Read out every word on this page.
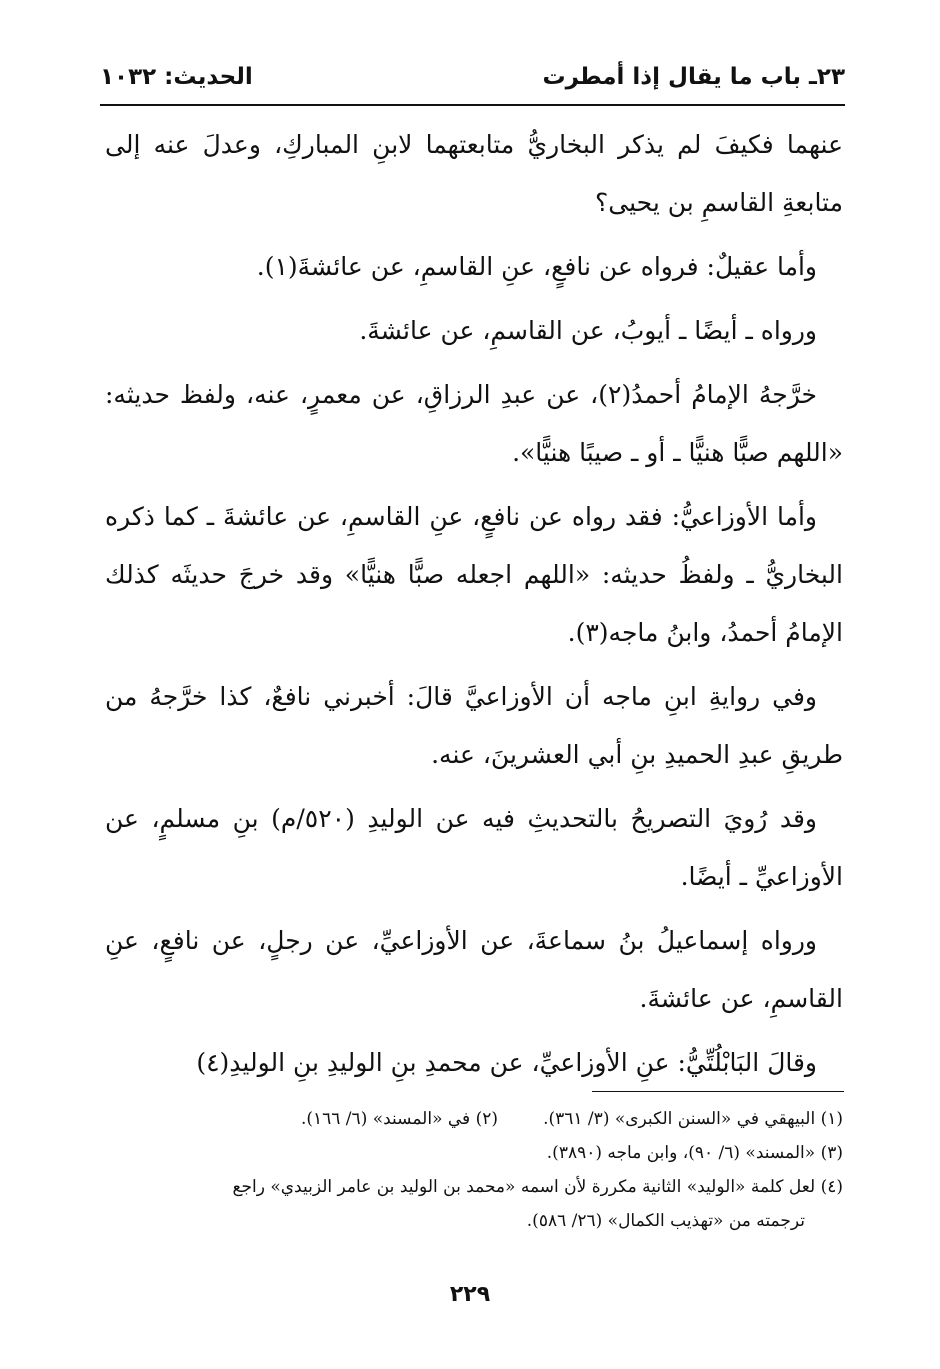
٢٣ـ باب ما يقال إذا أمطرت
الحديث: ١٠٣٢

عنهما فكيفَ لم يذكر البخاريُّ متابعتهما لابنِ المباركِ، وعدلَ عنه إلى متابعةِ القاسمِ بن يحيى؟

وأما عقيلٌ: فرواه عن نافعٍ، عنِ القاسمِ، عن عائشةَ(١).

ورواه ـ أيضًا ـ أيوبُ، عن القاسمِ، عن عائشةَ.

خرَّجهُ الإمامُ أحمدُ(٢)، عن عبدِ الرزاقِ، عن معمرٍ، عنه، ولفظ حديثه: «اللهم صبًّا هنيًّا ـ أو ـ صيبًا هنيًّا».

وأما الأوزاعيُّ: فقد رواه عن نافعٍ، عنِ القاسمِ، عن عائشةَ ـ كما ذكره البخاريُّ ـ ولفظُ حديثه: «اللهم اجعله صبًّا هنيًّا» وقد خرجَ حديثَه كذلك الإمامُ أحمدُ، وابنُ ماجه(٣).

وفي روايةِ ابنِ ماجه أن الأوزاعيَّ قالَ: أخبرني نافعٌ، كذا خرَّجهُ من طريقِ عبدِ الحميدِ بنِ أبي العشرينَ، عنه.

وقد رُويَ التصريحُ بالتحديثِ فيه عن الوليدِ (٥٢٠/م) بنِ مسلمٍ، عن الأوزاعيِّ ـ أيضًا.

ورواه إسماعيلُ بنُ سماعةَ، عن الأوزاعيِّ، عن رجلٍ، عن نافعٍ، عنِ القاسمِ، عن عائشةَ.

وقالَ البَابْلُتِّيُّ: عنِ الأوزاعيِّ، عن محمدِ بنِ الوليدِ بنِ الوليدِ(٤)

(١) البيهقي في «السنن الكبرى» (٣/ ٣٦١).
(٢) في «المسند» (٦/ ١٦٦).
(٣) «المسند» (٦/ ٩٠)، وابن ماجه (٣٨٩٠).
(٤) لعل كلمة «الوليد» الثانية مكررة لأن اسمه «محمد بن الوليد بن عامر الزبيدي» راجع
ترجمته من «تهذيب الكمال» (٢٦/ ٥٨٦).
٢٢٩
